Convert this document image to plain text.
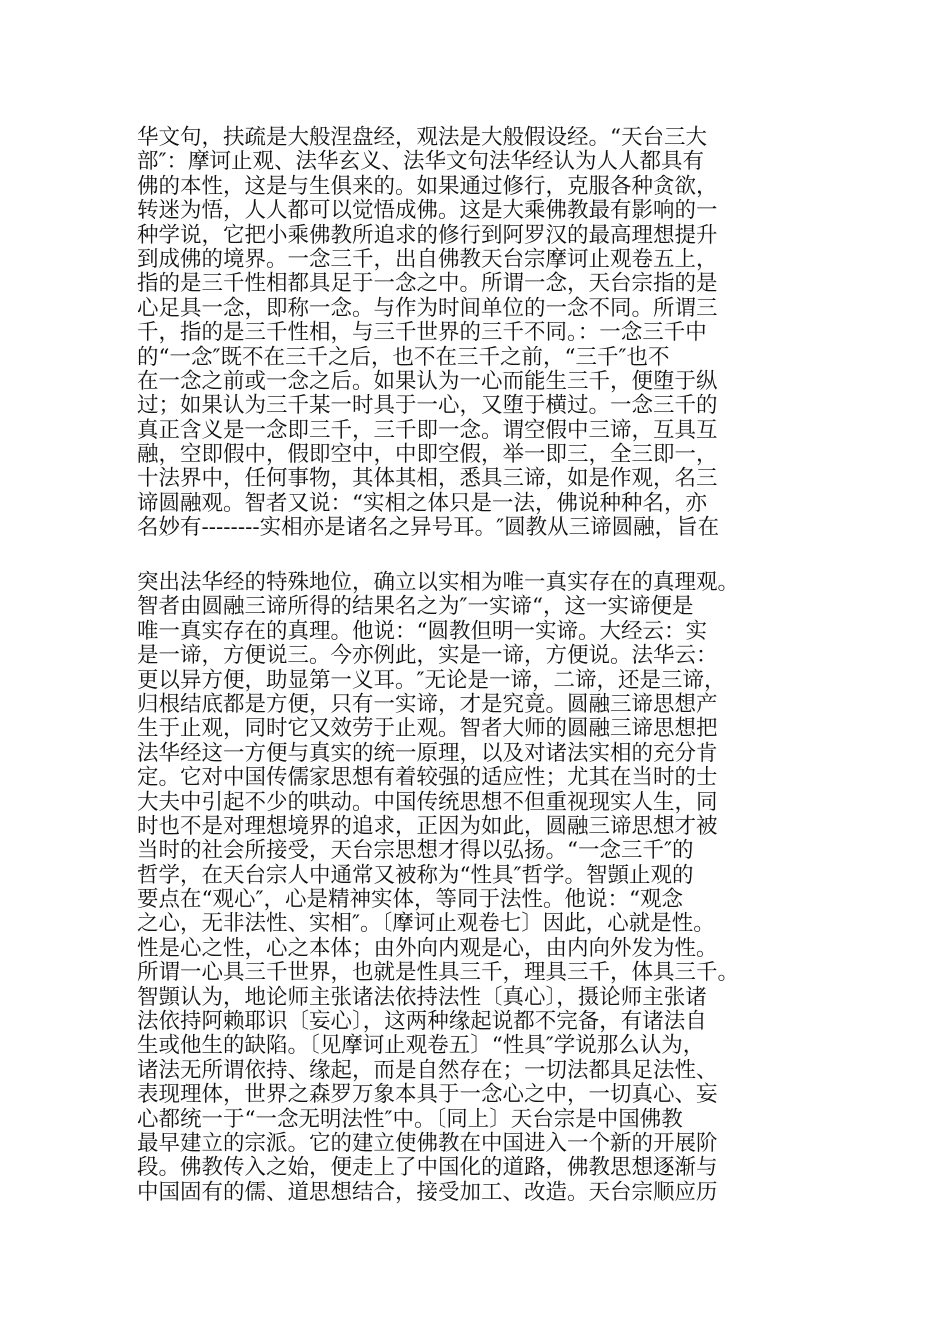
华文句，扶疏是大般涅盘经，观法是大般假设经。“天台三大
部″：摩诃止观、法华玄义、法华文句法华经认为人人都具有
佛的本性，这是与生俱来的。如果通过修行，克服各种贪欲，
转迷为悟，人人都可以觉悟成佛。这是大乘佛教最有影响的一
种学说，它把小乘佛教所追求的修行到阿罗汉的最高理想提升
到成佛的境界。一念三千，出自佛教天台宗摩诃止观卷五上，
指的是三千性相都具足于一念之中。所谓一念，天台宗指的是
心足具一念，即称一念。与作为时间单位的一念不同。所谓三
千，指的是三千性相，与三千世界的三千不同。：一念三千中
的“一念″既不在三千之后，也不在三千之前，“三千″也不
在一念之前或一念之后。如果认为一心而能生三千，便堕于纵
过；如果认为三千某一时具于一心，又堕于横过。一念三千的
真正含义是一念即三千，三千即一念。谓空假中三谛，互具互
融，空即假中，假即空中，中即空假，举一即三，全三即一，
十法界中，任何事物，其体其相，悉具三谛，如是作观，名三
谛圆融观。智者又说：“实相之体只是一法，佛说种种名，亦
名妙有--------实相亦是诸名之异号耳。″圆教从三谛圆融，旨在
突出法华经的特殊地位，确立以实相为唯一真实存在的真理观。
智者由圆融三谛所得的结果名之为″一实谛“，这一实谛便是
唯一真实存在的真理。他说：“圆教但明一实谛。大经云：实
是一谛，方便说三。今亦例此，实是一谛，方便说。法华云：
更以异方便，助显第一义耳。″无论是一谛，二谛，还是三谛，
归根结底都是方便，只有一实谛，才是究竟。圆融三谛思想产
生于止观，同时它又效劳于止观。智者大师的圆融三谛思想把
法华经这一方便与真实的统一原理，以及对诸法实相的充分肯
定。它对中国传儒家思想有着较强的适应性；尤其在当时的士
大夫中引起不少的哄动。中国传统思想不但重视现实人生，同
时也不是对理想境界的追求，正因为如此，圆融三谛思想才被
当时的社会所接受，天台宗思想才得以弘扬。“一念三千″的
哲学，在天台宗人中通常又被称为“性具″哲学。智顗止观的
要点在“观心″，心是精神实体，等同于法性。他说：“观念
之心，无非法性、实相″。〔摩诃止观卷七〕因此，心就是性。
性是心之性，心之本体；由外向内观是心，由内向外发为性。
所谓一心具三千世界，也就是性具三千，理具三千，体具三千。
智顗认为，地论师主张诸法依持法性〔真心〕，摄论师主张诸
法依持阿赖耶识〔妄心〕，这两种缘起说都不完备，有诸法自
生或他生的缺陷。〔见摩诃止观卷五〕“性具″学说那么认为，
诸法无所谓依持、缘起，而是自然存在；一切法都具足法性、
表现理体，世界之森罗万象本具于一念心之中，一切真心、妄
心都统一于“一念无明法性″中。〔同上〕天台宗是中国佛教
最早建立的宗派。它的建立使佛教在中国进入一个新的开展阶
段。佛教传入之始，便走上了中国化的道路，佛教思想逐渐与
中国固有的儒、道思想结合，接受加工、改造。天台宗顺应历
